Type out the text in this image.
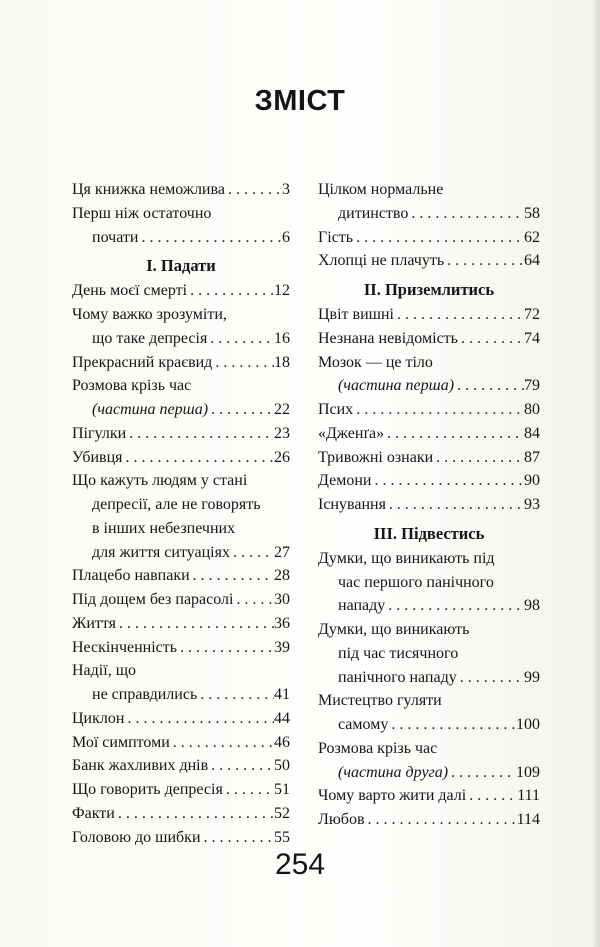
ЗМІСТ
Ця книжка неможлива . . .	3
Перш ніж остаточно
почати . . .	6
I. Падати
День моєї смерті . . .	12
Чому важко зрозуміти,
що таке депресія . . .	16
Прекрасний краєвид . . .	18
Розмова крізь час
(частина перша) . . .	22
Пігулки . . .	23
Убивця . . .	26
Що кажуть людям у стані
депресії, але не говорять
в інших небезпечних
для життя ситуаціях . . .	27
Плацебо навпаки . . .	28
Під дощем без парасолі . . .	30
Життя . . .	36
Нескінченність . . .	39
Надії, що
не справдились . . .	41
Циклон . . .	44
Мої симптоми . . .	46
Банк жахливих днів . . .	50
Що говорить депресія . . .	51
Факти . . .	52
Головою до шибки . . .	55
Цілком нормальне
дитинство . . .	58
Гість . . .	62
Хлопці не плачуть . . .	64
II. Приземлитись
Цвіт вишні . . .	72
Незнана невідомість . . .	74
Мозок — це тіло
(частина перша) . . .	79
Псих . . .	80
«Дженґа» . . .	84
Тривожні ознаки . . .	87
Демони . . .	90
Існування . . .	93
III. Підвестись
Думки, що виникають під
час першого панічного
нападу . . .	98
Думки, що виникають
під час тисячного
панічного нападу . . .	99
Мистецтво гуляти
самому . . .	100
Розмова крізь час
(частина друга) . . .	109
Чому варто жити далі . . .	111
Любов . . .	114
254
